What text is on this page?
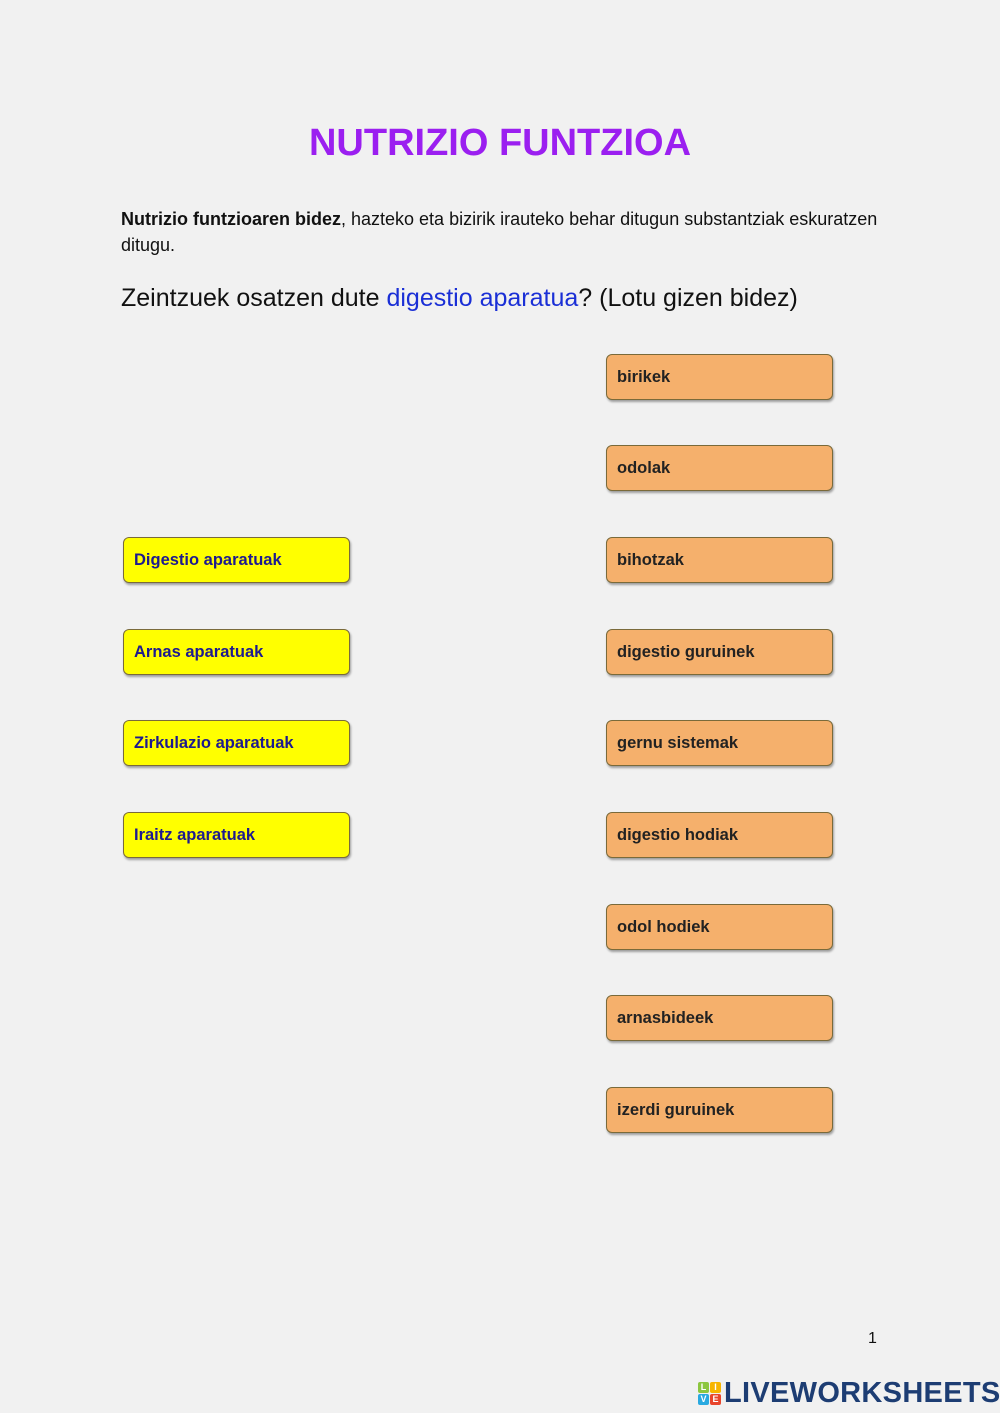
NUTRIZIO FUNTZIOA
Nutrizio funtzioaren bidez, hazteko eta bizirik irauteko behar ditugun substantziak eskuratzen ditugu.
Zeintzuek osatzen dute digestio aparatua? (Lotu gizen bidez)
Digestio aparatuak
Arnas aparatuak
Zirkulazio aparatuak
Iraitz aparatuak
birikek
odolak
bihotzak
digestio guruinek
gernu sistemak
digestio hodiak
odol hodiek
arnasbideek
izerdi guruinek
1
L I
V E LIVEWORKSHEETS
